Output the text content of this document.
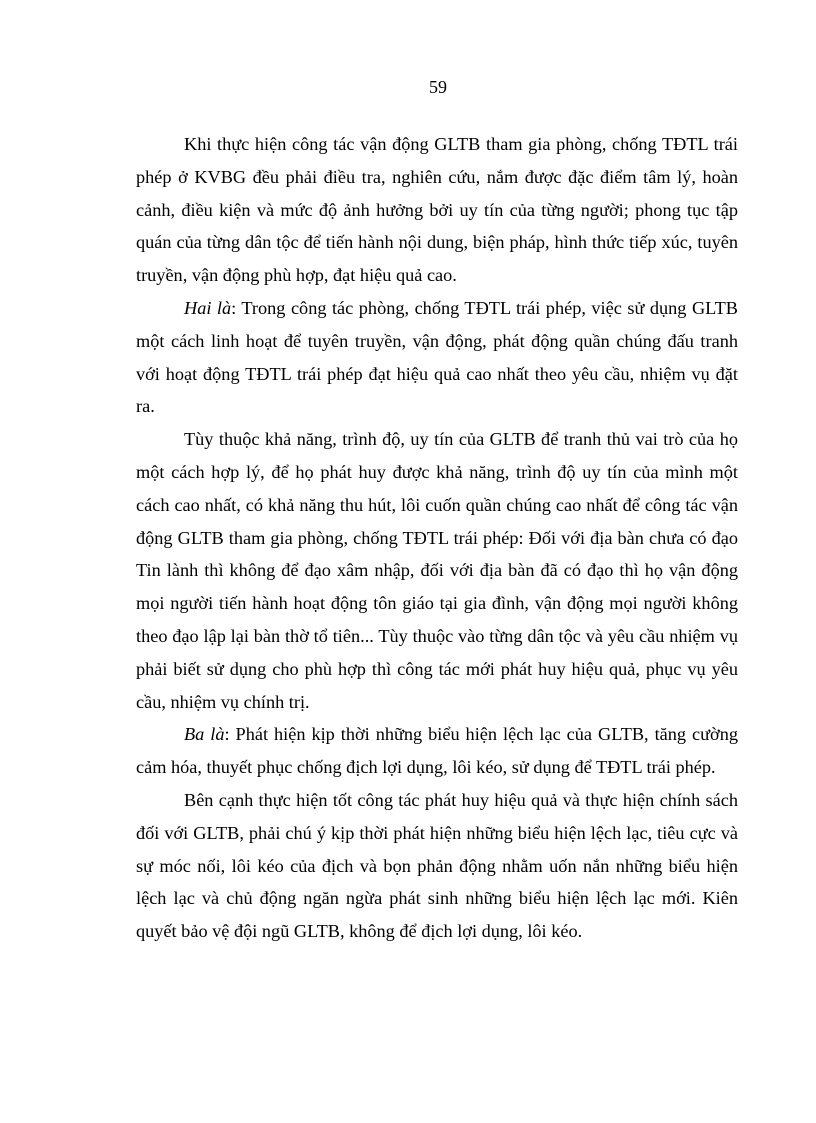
59

Khi thực hiện công tác vận động GLTB tham gia phòng, chống TĐTL trái phép ở KVBG đều phải điều tra, nghiên cứu, nắm được đặc điểm tâm lý, hoàn cảnh, điều kiện và mức độ ảnh hưởng bởi uy tín của từng người; phong tục tập quán của từng dân tộc để tiến hành nội dung, biện pháp, hình thức tiếp xúc, tuyên truyền, vận động phù hợp, đạt hiệu quả cao.

Hai là: Trong công tác phòng, chống TĐTL trái phép, việc sử dụng GLTB một cách linh hoạt để tuyên truyền, vận động, phát động quần chúng đấu tranh với hoạt động TĐTL trái phép đạt hiệu quả cao nhất theo yêu cầu, nhiệm vụ đặt ra.

Tùy thuộc khả năng, trình độ, uy tín của GLTB để tranh thủ vai trò của họ một cách hợp lý, để họ phát huy được khả năng, trình độ uy tín của mình một cách cao nhất, có khả năng thu hút, lôi cuốn quần chúng cao nhất để công tác vận động GLTB tham gia phòng, chống TĐTL trái phép: Đối với địa bàn chưa có đạo Tin lành thì không để đạo xâm nhập, đối với địa bàn đã có đạo thì họ vận động mọi người tiến hành hoạt động tôn giáo tại gia đình, vận động mọi người không theo đạo lập lại bàn thờ tổ tiên... Tùy thuộc vào từng dân tộc và yêu cầu nhiệm vụ phải biết sử dụng cho phù hợp thì công tác mới phát huy hiệu quả, phục vụ yêu cầu, nhiệm vụ chính trị.

Ba là: Phát hiện kịp thời những biểu hiện lệch lạc của GLTB, tăng cường cảm hóa, thuyết phục chống địch lợi dụng, lôi kéo, sử dụng để TĐTL trái phép.

Bên cạnh thực hiện tốt công tác phát huy hiệu quả và thực hiện chính sách đối với GLTB, phải chú ý kịp thời phát hiện những biểu hiện lệch lạc, tiêu cực và sự móc nối, lôi kéo của địch và bọn phản động nhằm uốn nắn những biểu hiện lệch lạc và chủ động ngăn ngừa phát sinh những biểu hiện lệch lạc mới. Kiên quyết bảo vệ đội ngũ GLTB, không để địch lợi dụng, lôi kéo.
